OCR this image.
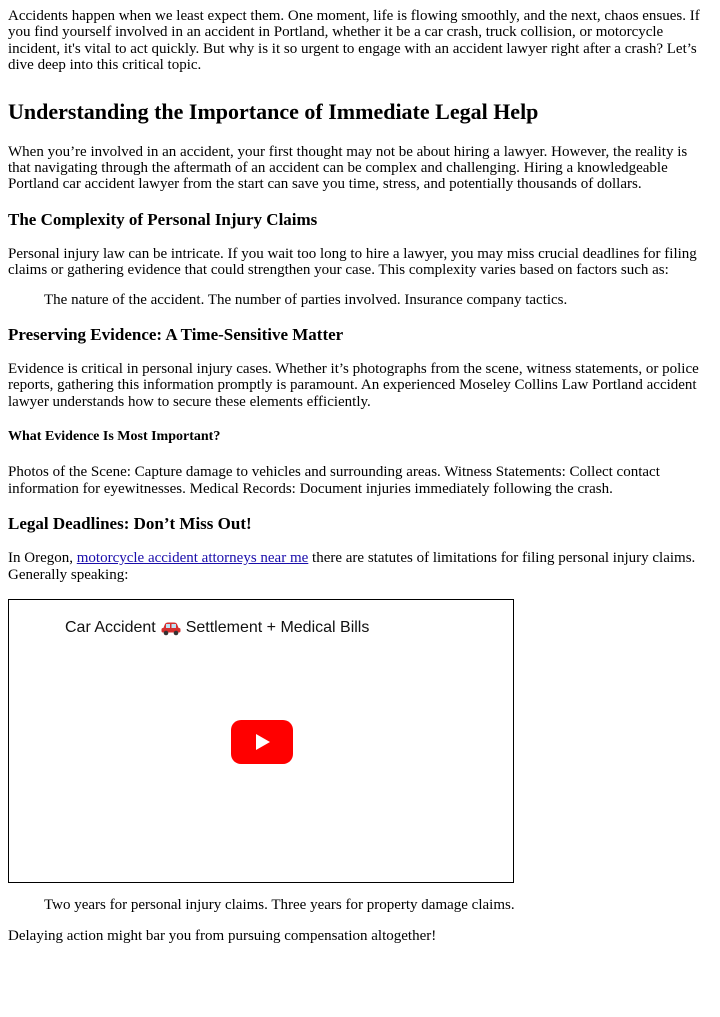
Accidents happen when we least expect them. One moment, life is flowing smoothly, and the next, chaos ensues. If you find yourself involved in an accident in Portland, whether it be a car crash, truck collision, or motorcycle incident, it's vital to act quickly. But why is it so urgent to engage with an accident lawyer right after a crash? Let’s dive deep into this critical topic.

Understanding the Importance of Immediate Legal Help

When you’re involved in an accident, your first thought may not be about hiring a lawyer. However, the reality is that navigating through the aftermath of an accident can be complex and challenging. Hiring a knowledgeable Portland car accident lawyer from the start can save you time, stress, and potentially thousands of dollars.

The Complexity of Personal Injury Claims

Personal injury law can be intricate. If you wait too long to hire a lawyer, you may miss crucial deadlines for filing claims or gathering evidence that could strengthen your case. This complexity varies based on factors such as:

The nature of the accident. The number of parties involved. Insurance company tactics.

Preserving Evidence: A Time-Sensitive Matter

Evidence is critical in personal injury cases. Whether it’s photographs from the scene, witness statements, or police reports, gathering this information promptly is paramount. An experienced Moseley Collins Law Portland accident lawyer understands how to secure these elements efficiently.

What Evidence Is Most Important?

Photos of the Scene: Capture damage to vehicles and surrounding areas. Witness Statements: Collect contact information for eyewitnesses. Medical Records: Document injuries immediately following the crash.

Legal Deadlines: Don’t Miss Out!

In Oregon, motorcycle accident attorneys near me there are statutes of limitations for filing personal injury claims. Generally speaking:

Car Accident Settlement + Medical Bills

Two years for personal injury claims. Three years for property damage claims.

Delaying action might bar you from pursuing compensation altogether!
